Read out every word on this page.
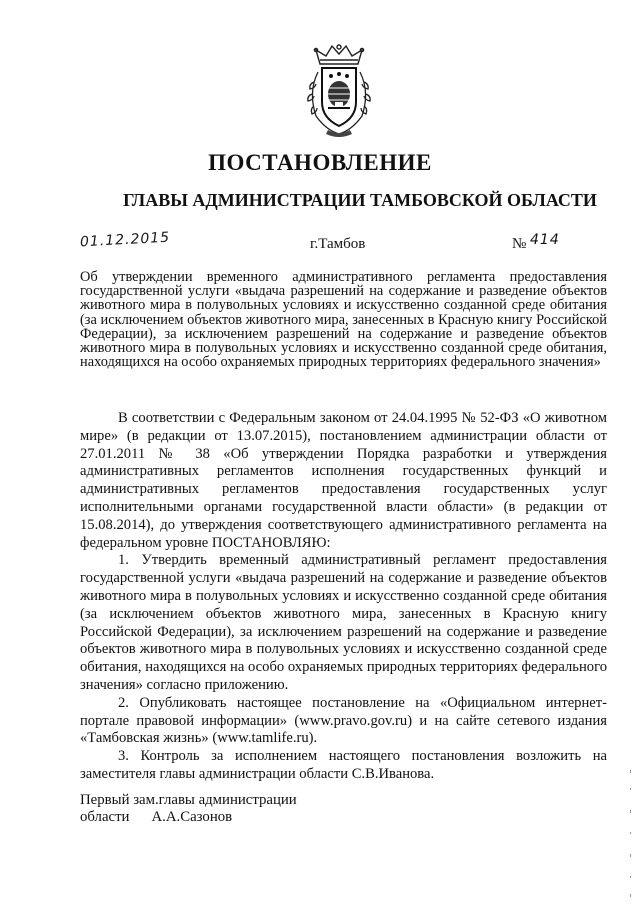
ПОСТАНОВЛЕНИЕ
ГЛАВЫ АДМИНИСТРАЦИИ ТАМБОВСКОЙ ОБЛАСТИ
01.12.2015	г.Тамбов	№ 414

Об утверждении временного административного регламента предоставления государственной услуги «выдача разрешений на содержание и разведение объектов животного мира в полувольных условиях и искусственно созданной среде обитания (за исключением объектов животного мира, занесенных в Красную книгу Российской Федерации), за исключением разрешений на содержание и разведение объектов животного мира в полувольных условиях и искусственно созданной среде обитания, находящихся на особо охраняемых природных территориях федерального значения»

В соответствии с Федеральным законом от 24.04.1995 № 52-ФЗ «О животном мире» (в редакции от 13.07.2015), постановлением администрации области от 27.01.2011 № 38 «Об утверждении Порядка разработки и утверждения административных регламентов исполнения государственных функций и административных регламентов предоставления государственных услуг исполнительными органами государственной власти области» (в редакции от 15.08.2014), до утверждения соответствующего административного регламента на федеральном уровне ПОСТАНОВЛЯЮ:

1. Утвердить временный административный регламент предоставления государственной услуги «выдача разрешений на содержание и разведение объектов животного мира в полувольных условиях и искусственно созданной среде обитания (за исключением объектов животного мира, занесенных в Красную книгу Российской Федерации), за исключением разрешений на содержание и разведение объектов животного мира в полувольных условиях и искусственно созданной среде обитания, находящихся на особо охраняемых природных территориях федерального значения» согласно приложению.

2. Опубликовать настоящее постановление на «Официальном интернет-портале правовой информации» (www.pravo.gov.ru) и на сайте сетевого издания «Тамбовская жизнь» (www.tamlife.ru).

3. Контроль за исполнением настоящего постановления возложить на заместителя главы администрации области С.В.Иванова.

Первый зам.главы администрации
области А.А.Сазонов
